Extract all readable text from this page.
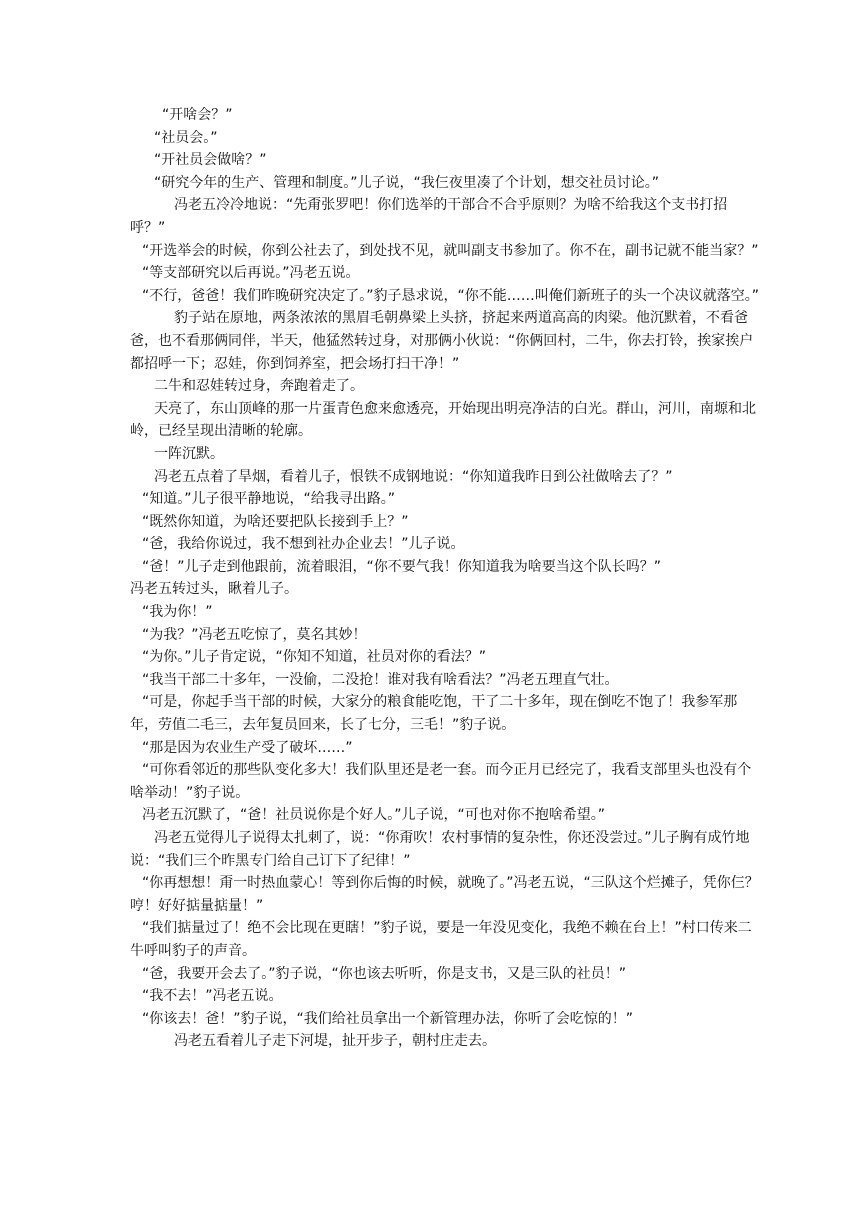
“开啥会？”

“社员会。”

“开社员会做啥？”

“研究今年的生产、管理和制度。”儿子说，“我仨夜里凑了个计划，想交社员讨论。”

冯老五冷冷地说：“先甭张罗吧！你们选举的干部合不合乎原则？为啥不给我这个支书打招呼？”

“开选举会的时候，你到公社去了，到处找不见，就叫副支书参加了。你不在，副书记就不能当家？”

“等支部研究以后再说。”冯老五说。

“不行，爸爸！我们昨晚研究决定了。”豹子恳求说，“你不能……叫俺们新班子的头一个决议就落空。”

豹子站在原地，两条浓浓的黑眉毛朝鼻梁上头挤，挤起来两道高高的肉梁。他沉默着，不看爸爸，也不看那俩同伴，半天，他猛然转过身，对那俩小伙说：“你俩回村，二牛，你去打铃，挨家挨户都招呼一下；忍娃，你到饲养室，把会场打扫干净！”

二牛和忍娃转过身，奔跑着走了。

天亮了，东山顶峰的那一片蛋青色愈来愈透亮，开始现出明亮净洁的白光。群山，河川，南塬和北岭，已经呈现出清晰的轮廓。

一阵沉默。

冯老五点着了旱烟，看着儿子，恨铁不成钢地说：“你知道我昨日到公社做啥去了？”

“知道。”儿子很平静地说，“给我寻出路。”

“既然你知道，为啥还要把队长接到手上？”

“爸，我给你说过，我不想到社办企业去！”儿子说。

“爸！”儿子走到他跟前，流着眼泪，“你不要气我！你知道我为啥要当这个队长吗？”

冯老五转过头，瞅着儿子。

“我为你！”

“为我？”冯老五吃惊了，莫名其妙！

“为你。”儿子肯定说，“你知不知道，社员对你的看法？”

“我当干部二十多年，一没偷，二没抢！谁对我有啥看法？”冯老五理直气壮。

“可是，你起手当干部的时候，大家分的粮食能吃饱，干了二十多年，现在倒吃不饱了！我参军那年，劳值二毛三，去年复员回来，长了七分，三毛！”豹子说。

“那是因为农业生产受了破坏……”

“可你看邻近的那些队变化多大！我们队里还是老一套。而今正月已经完了，我看支部里头也没有个啥举动！”豹子说。

冯老五沉默了，“爸！社员说你是个好人。”儿子说，“可也对你不抱啥希望。”

冯老五觉得儿子说得太扎刺了，说：“你甭吹！农村事情的复杂性，你还没尝过。”儿子胸有成竹地说：“我们三个昨黑专门给自己订下了纪律！”

“你再想想！甭一时热血蒙心！等到你后悔的时候，就晚了。”冯老五说，“三队这个烂摊子，凭你仨？哼！好好掂量掂量！”

“我们掂量过了！绝不会比现在更瞎！”豹子说，要是一年没见变化，我绝不赖在台上！”村口传来二牛呼叫豹子的声音。

“爸，我要开会去了。”豹子说，“你也该去听听，你是支书，又是三队的社员！”

“我不去！”冯老五说。

“你该去！爸！”豹子说，“我们给社员拿出一个新管理办法，你听了会吃惊的！”

冯老五看着儿子走下河堤，扯开步子，朝村庄走去。
